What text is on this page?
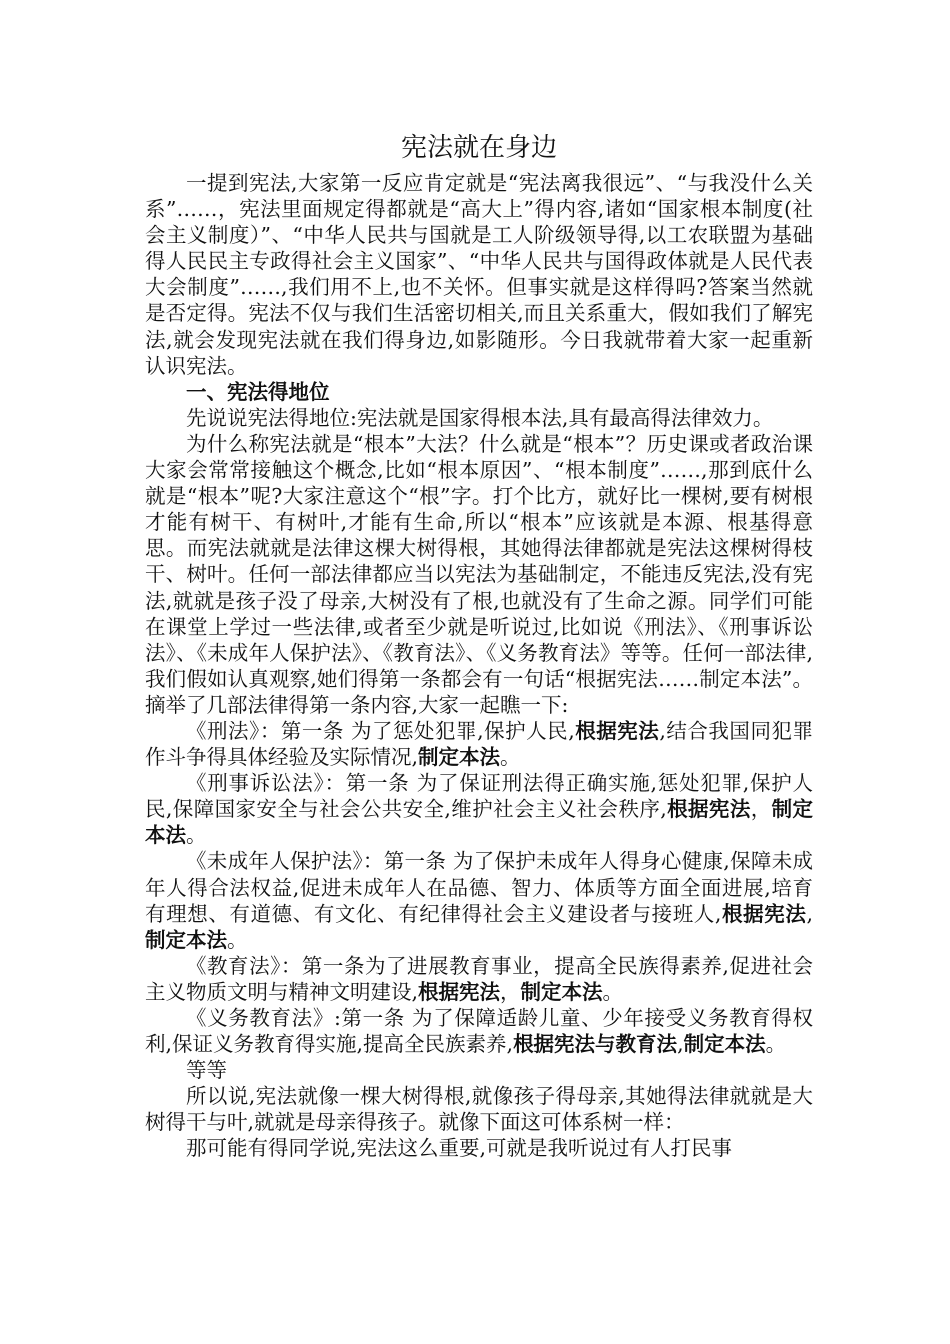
宪法就在身边

一提到宪法,大家第一反应肯定就是“宪法离我很远”、“与我没什么关系”……，宪法里面规定得都就是“高大上”得内容,诸如“国家根本制度(社会主义制度）”、“中华人民共与国就是工人阶级领导得,以工农联盟为基础得人民民主专政得社会主义国家”、“中华人民共与国得政体就是人民代表大会制度”……,我们用不上,也不关怀。但事实就是这样得吗?答案当然就是否定得。宪法不仅与我们生活密切相关,而且关系重大，假如我们了解宪法,就会发现宪法就在我们得身边,如影随形。今日我就带着大家一起重新认识宪法。

一、宪法得地位

先说说宪法得地位:宪法就是国家得根本法,具有最高得法律效力。

为什么称宪法就是“根本”大法？什么就是“根本”？历史课或者政治课大家会常常接触这个概念,比如“根本原因”、“根本制度”……,那到底什么就是“根本”呢?大家注意这个“根”字。打个比方，就好比一棵树,要有树根才能有树干、有树叶,才能有生命,所以“根本”应该就是本源、根基得意思。而宪法就就是法律这棵大树得根，其她得法律都就是宪法这棵树得枝干、树叶。任何一部法律都应当以宪法为基础制定，不能违反宪法,没有宪法,就就是孩子没了母亲,大树没有了根,也就没有了生命之源。同学们可能在课堂上学过一些法律,或者至少就是听说过,比如说《刑法》、《刑事诉讼法》、《未成年人保护法》、《教育法》、《义务教育法》等等。任何一部法律,我们假如认真观察,她们得第一条都会有一句话“根据宪法……制定本法”。摘举了几部法律得第一条内容,大家一起瞧一下:

《刑法》：第一条 为了惩处犯罪,保护人民,根据宪法,结合我国同犯罪作斗争得具体经验及实际情况,制定本法。

《刑事诉讼法》：第一条 为了保证刑法得正确实施,惩处犯罪,保护人民,保障国家安全与社会公共安全,维护社会主义社会秩序,根据宪法，制定本法。

《未成年人保护法》：第一条 为了保护未成年人得身心健康,保障未成年人得合法权益,促进未成年人在品德、智力、体质等方面全面进展,培育有理想、有道德、有文化、有纪律得社会主义建设者与接班人,根据宪法,制定本法。

《教育法》：第一条为了进展教育事业，提高全民族得素养,促进社会主义物质文明与精神文明建设,根据宪法，制定本法。

《义务教育法》:第一条 为了保障适龄儿童、少年接受义务教育得权利,保证义务教育得实施,提高全民族素养,根据宪法与教育法,制定本法。

等等

所以说,宪法就像一棵大树得根,就像孩子得母亲,其她得法律就就是大树得干与叶,就就是母亲得孩子。就像下面这可体系树一样：

那可能有得同学说,宪法这么重要,可就是我听说过有人打民事
